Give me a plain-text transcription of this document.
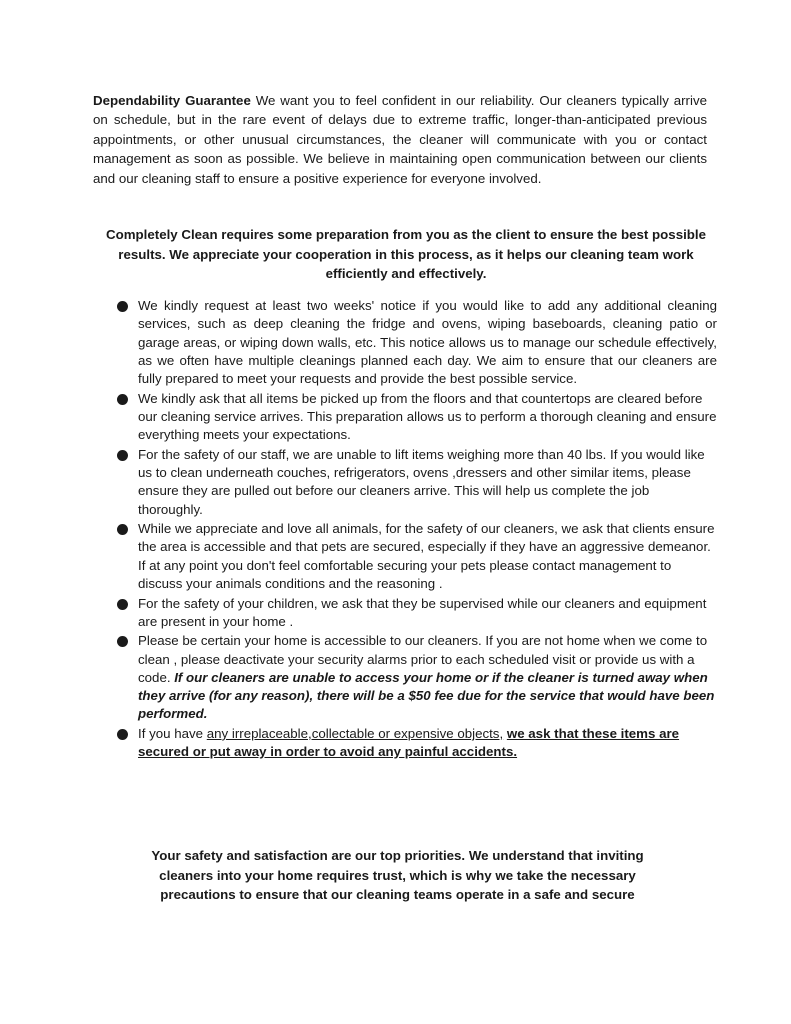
Dependability Guarantee We want you to feel confident in our reliability. Our cleaners typically arrive on schedule, but in the rare event of delays due to extreme traffic, longer-than-anticipated previous appointments, or other unusual circumstances, the cleaner will communicate with you or contact management as soon as possible. We believe in maintaining open communication between our clients and our cleaning staff to ensure a positive experience for everyone involved.

Completely Clean requires some preparation from you as the client to ensure the best possible results. We appreciate your cooperation in this process, as it helps our cleaning team work efficiently and effectively.

We kindly request at least two weeks' notice if you would like to add any additional cleaning services, such as deep cleaning the fridge and ovens, wiping baseboards, cleaning patio or garage areas, or wiping down walls, etc. This notice allows us to manage our schedule effectively, as we often have multiple cleanings planned each day. We aim to ensure that our cleaners are fully prepared to meet your requests and provide the best possible service.
We kindly ask that all items be picked up from the floors and that countertops are cleared before our cleaning service arrives. This preparation allows us to perform a thorough cleaning and ensure everything meets your expectations.
For the safety of our staff, we are unable to lift items weighing more than 40 lbs. If you would like us to clean underneath couches, refrigerators, ovens ,dressers and other similar items, please ensure they are pulled out before our cleaners arrive. This will help us complete the job thoroughly.
While we appreciate and love all animals, for the safety of our cleaners, we ask that clients ensure the area is accessible and that pets are secured, especially if they have an aggressive demeanor. If at any point you don't feel comfortable securing your pets please contact management to discuss your animals conditions and the reasoning .
For the safety of your children, we ask that they be supervised while our cleaners and equipment are present in your home .
Please be certain your home is accessible to our cleaners. If you are not home when we come to clean , please deactivate your security alarms prior to each scheduled visit or provide us with a code. If our cleaners are unable to access your home or if the cleaner is turned away when they arrive (for any reason), there will be a $50 fee due for the service that would have been performed.
If you have any irreplaceable,collectable or expensive objects, we ask that these items are secured or put away in order to avoid any painful accidents.

Your safety and satisfaction are our top priorities. We understand that inviting cleaners into your home requires trust, which is why we take the necessary precautions to ensure that our cleaning teams operate in a safe and secure
